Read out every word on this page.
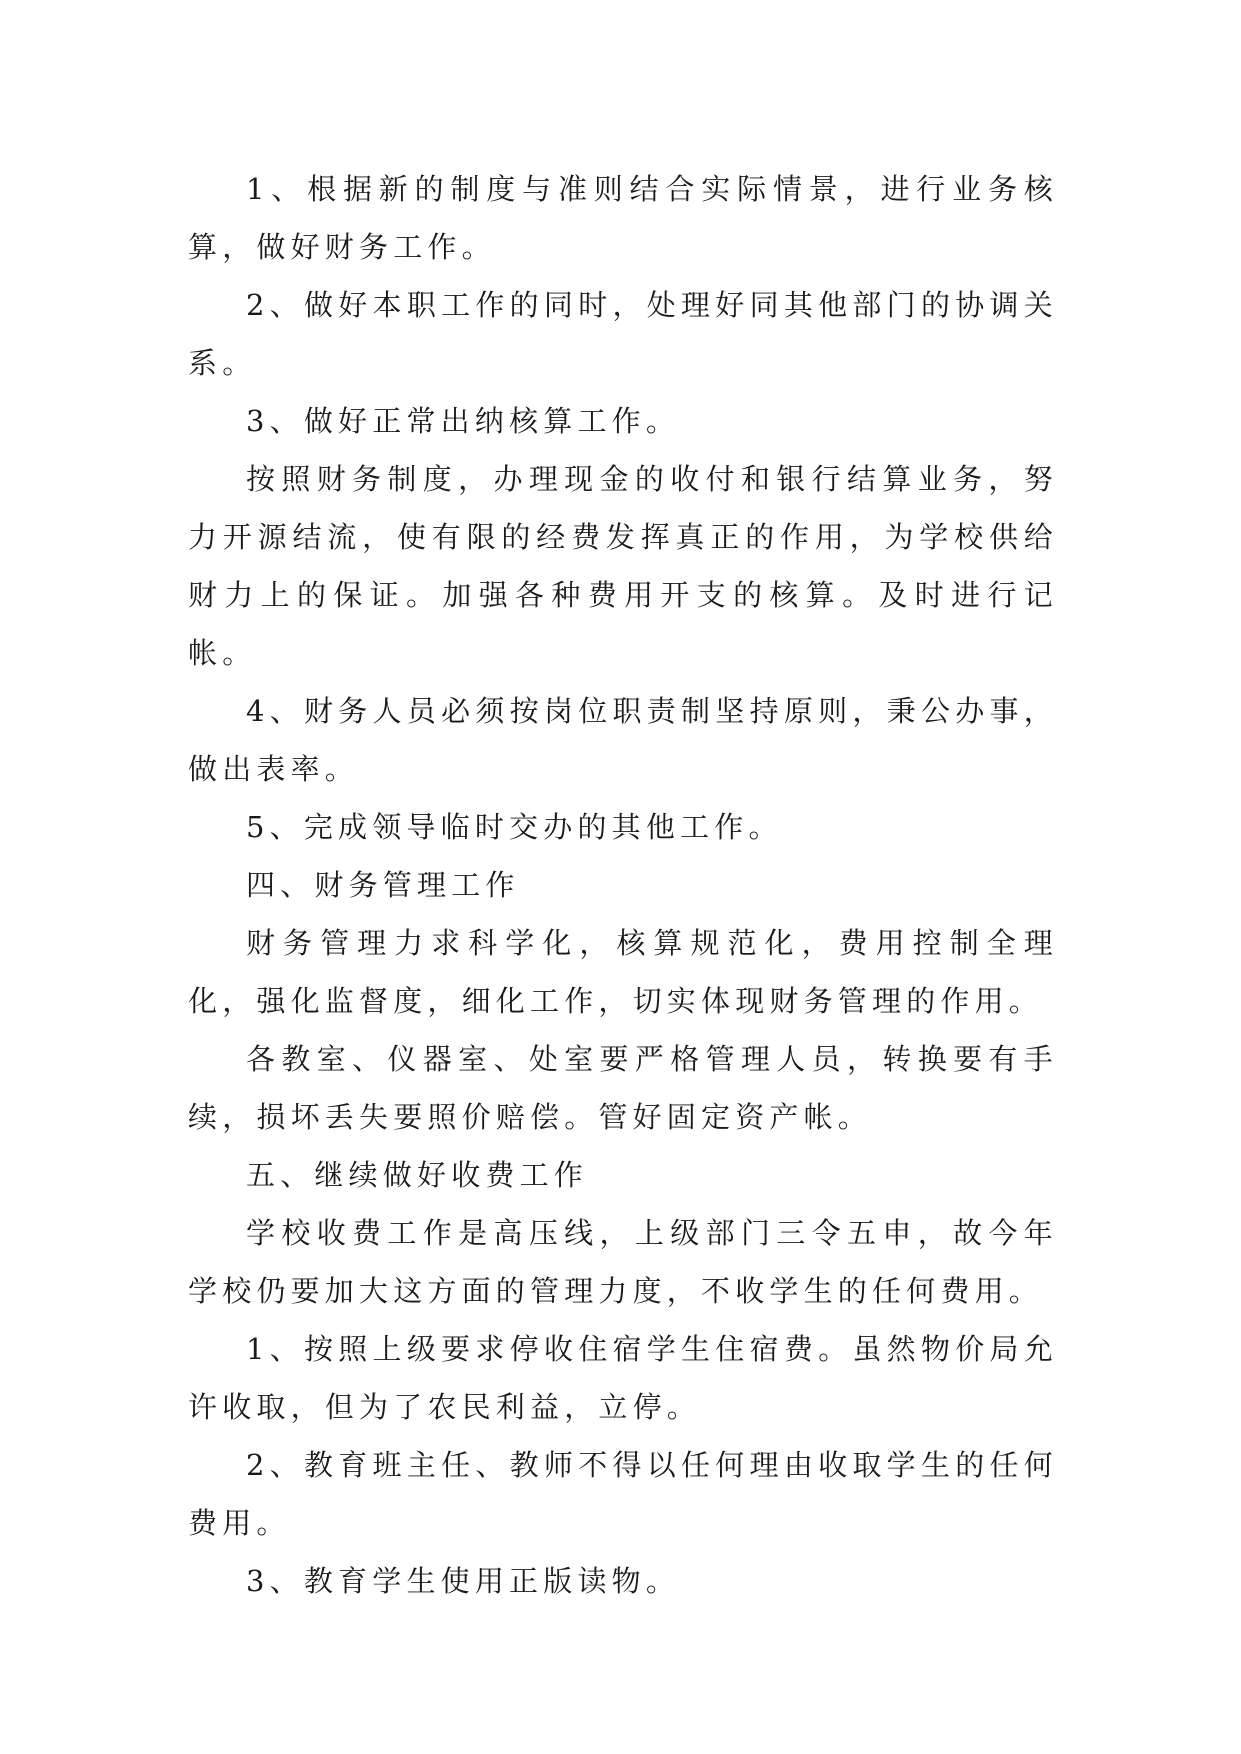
1、根据新的制度与准则结合实际情景，进行业务核算，做好财务工作。

2、做好本职工作的同时，处理好同其他部门的协调关系。

3、做好正常出纳核算工作。

按照财务制度，办理现金的收付和银行结算业务，努力开源结流，使有限的经费发挥真正的作用，为学校供给财力上的保证。加强各种费用开支的核算。及时进行记帐。

4、财务人员必须按岗位职责制坚持原则，秉公办事，做出表率。

5、完成领导临时交办的其他工作。

四、财务管理工作

财务管理力求科学化，核算规范化，费用控制全理化，强化监督度，细化工作，切实体现财务管理的作用。

各教室、仪器室、处室要严格管理人员，转换要有手续，损坏丢失要照价赔偿。管好固定资产帐。

五、继续做好收费工作

学校收费工作是高压线，上级部门三令五申，故今年学校仍要加大这方面的管理力度，不收学生的任何费用。

1、按照上级要求停收住宿学生住宿费。虽然物价局允许收取，但为了农民利益，立停。

2、教育班主任、教师不得以任何理由收取学生的任何费用。

3、教育学生使用正版读物。
